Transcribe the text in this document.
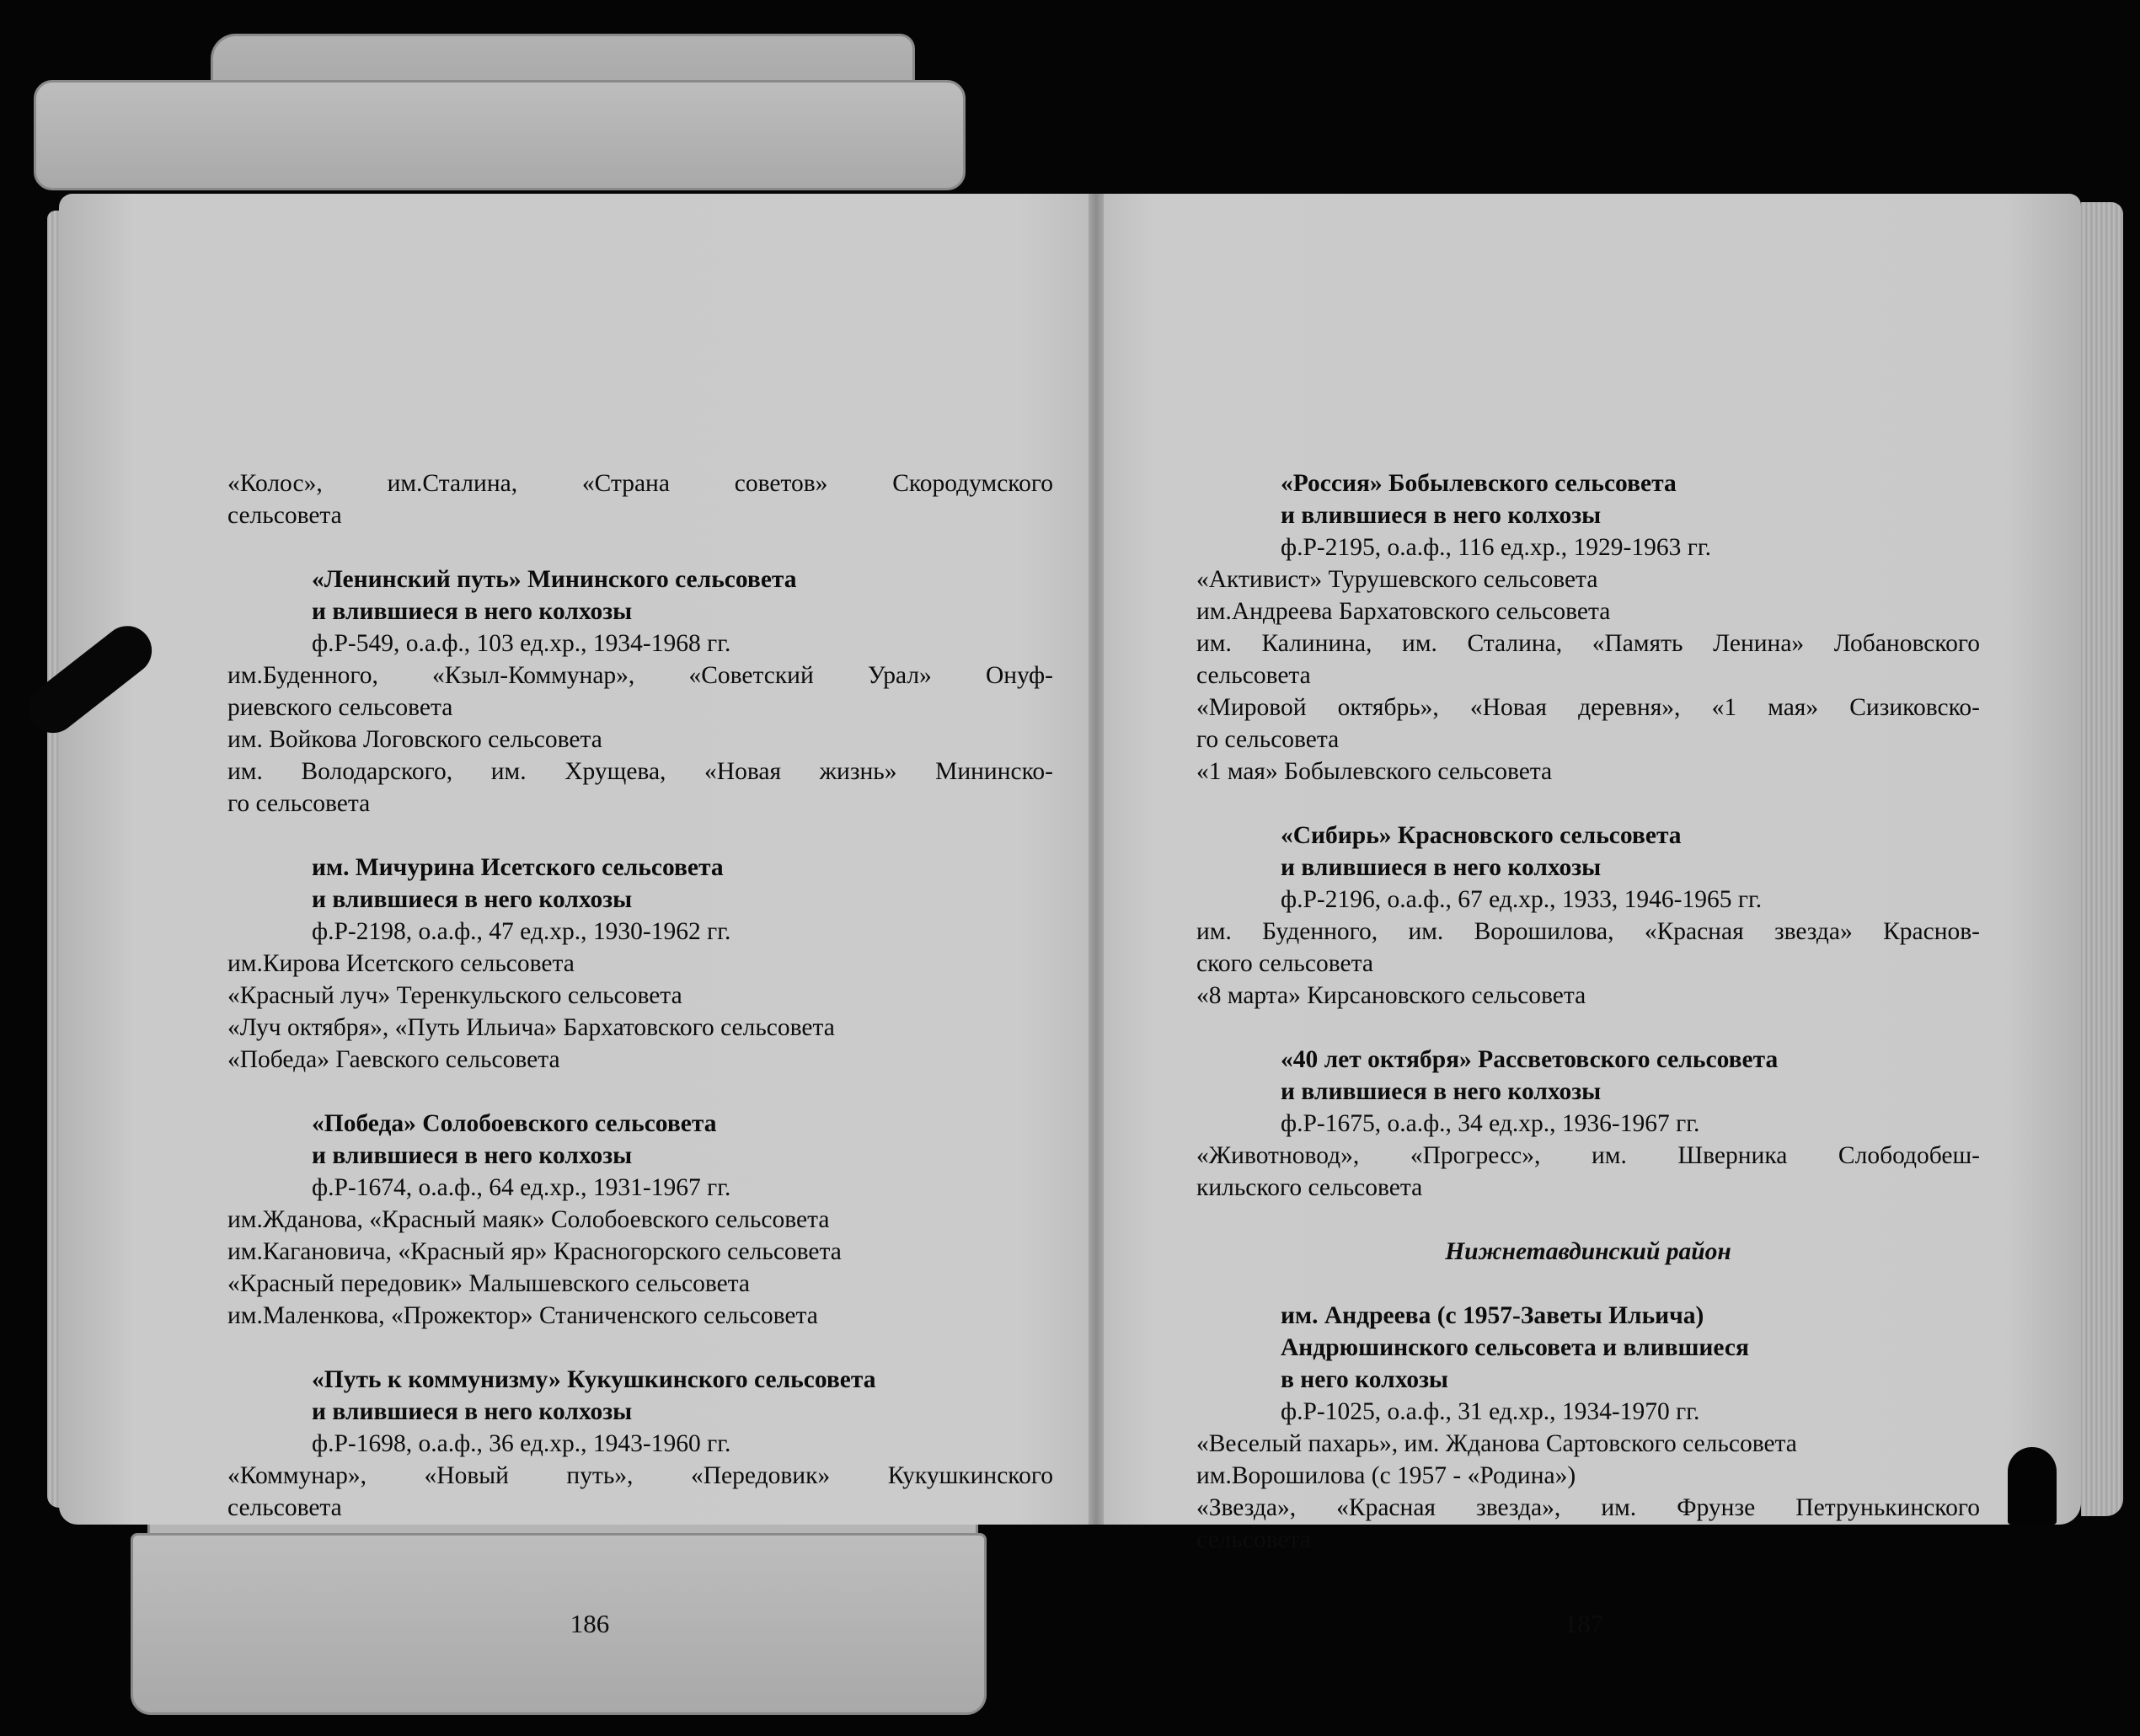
«Колос», им.Сталина, «Страна советов» Скородумского
сельсовета
«Ленинский путь» Мининского сельсовета
и влившиеся в него колхозы
ф.Р-549, о.а.ф., 103 ед.хр., 1934-1968 гг.
им.Буденного, «Кзыл-Коммунар», «Советский Урал» Онуф-
риевского сельсовета
им. Войкова Логовского сельсовета
им. Володарского, им. Хрущева, «Новая жизнь» Мининско-
го сельсовета
им. Мичурина Исетского сельсовета
и влившиеся в него колхозы
ф.Р-2198, о.а.ф., 47 ед.хр., 1930-1962 гг.
им.Кирова Исетского сельсовета
«Красный луч» Теренкульского сельсовета
«Луч октября», «Путь Ильича» Бархатовского сельсовета
«Победа» Гаевского сельсовета
«Победа» Солобоевского сельсовета
и влившиеся в него колхозы
ф.Р-1674, о.а.ф., 64 ед.хр., 1931-1967 гг.
им.Жданова, «Красный маяк» Солобоевского сельсовета
им.Кагановича, «Красный яр» Красногорского сельсовета
«Красный передовик» Малышевского сельсовета
им.Маленкова, «Прожектор» Станиченского сельсовета
«Путь к коммунизму» Кукушкинского сельсовета
и влившиеся в него колхозы
ф.Р-1698, о.а.ф., 36 ед.хр., 1943-1960 гг.
«Коммунар», «Новый путь», «Передовик» Кукушкинского
сельсовета
186
«Россия» Бобылевского сельсовета
и влившиеся в него колхозы
ф.Р-2195, о.а.ф., 116 ед.хр., 1929-1963 гг.
«Активист» Турушевского сельсовета
им.Андреева Бархатовского сельсовета
им. Калинина, им. Сталина, «Память Ленина» Лобановского
сельсовета
«Мировой октябрь», «Новая деревня», «1 мая» Сизиковско-
го сельсовета
«1 мая» Бобылевского сельсовета
«Сибирь» Красновского сельсовета
и влившиеся в него колхозы
ф.Р-2196, о.а.ф., 67 ед.хр., 1933, 1946-1965 гг.
им. Буденного, им. Ворошилова, «Красная звезда» Краснов-
ского сельсовета
«8 марта» Кирсановского сельсовета
«40 лет октября» Рассветовского сельсовета
и влившиеся в него колхозы
ф.Р-1675, о.а.ф., 34 ед.хр., 1936-1967 гг.
«Животновод», «Прогресс», им. Шверника Слободобеш-
кильского сельсовета
Нижнетавдинский район
им. Андреева (с 1957-Заветы Ильича)
Андрюшинского сельсовета и влившиеся
в него колхозы
ф.Р-1025, о.а.ф., 31 ед.хр., 1934-1970 гг.
«Веселый пахарь», им. Жданова Сартовского сельсовета
им.Ворошилова (с 1957 - «Родина»)
«Звезда», «Красная звезда», им. Фрунзе Петрунькинского
сельсовета
187
